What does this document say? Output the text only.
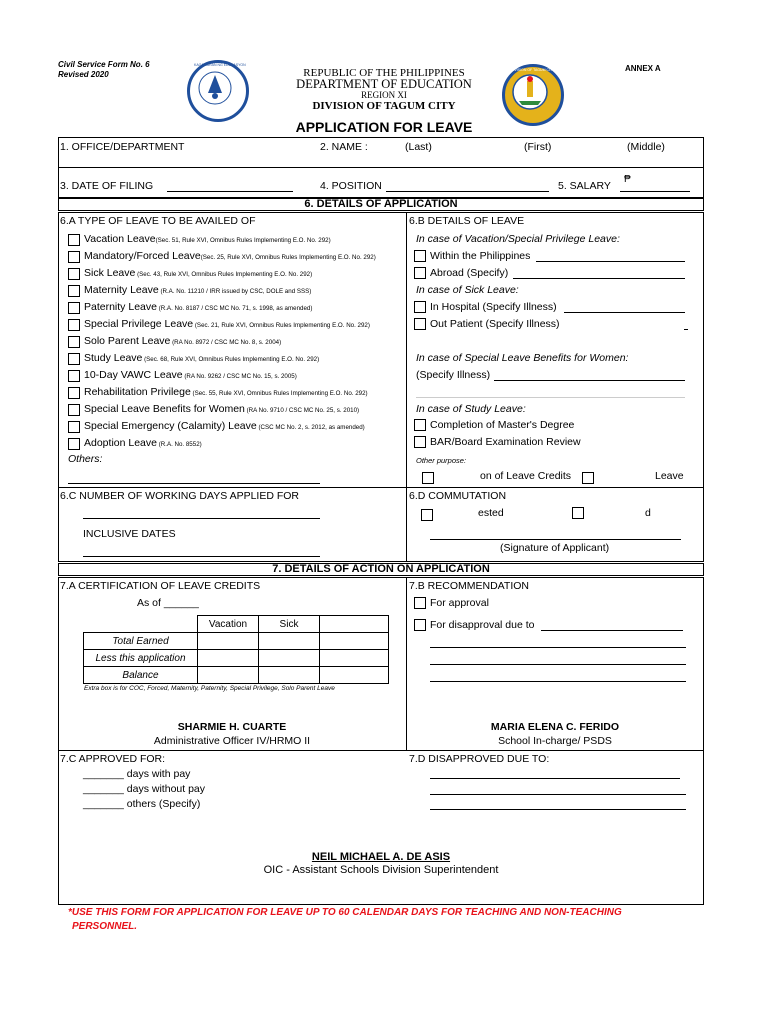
Civil Service Form No. 6
Revised 2020
ANNEX A
KAGAWARAN NG EDUKASYON
REPUBLIC OF THE PHILIPPINES
DEPARTMENT OF EDUCATION
REGION XI
DIVISION OF TAGUM CITY
DIVISION OF TAGUM CITY
APPLICATION FOR LEAVE
1. OFFICE/DEPARTMENT	2. NAME :	(Last)	(First)	(Middle)
3. DATE OF FILING	4. POSITION	5. SALARY
₱
6. DETAILS OF APPLICATION
6.A TYPE OF LEAVE TO BE AVAILED OF	6.B DETAILS OF LEAVE
Vacation Leave(Sec. 51, Rule XVI, Omnibus Rules Implementing E.O. No. 292)
Mandatory/Forced Leave(Sec. 25, Rule XVI, Omnibus Rules Implementing E.O. No. 292)
Sick Leave (Sec. 43, Rule XVI, Omnibus Rules Implementing E.O. No. 292)
Maternity Leave (R.A. No. 11210 / IRR issued by CSC, DOLE and SSS)
Paternity Leave (R.A. No. 8187 / CSC MC No. 71, s. 1998, as amended)
Special Privilege Leave (Sec. 21, Rule XVI, Omnibus Rules Implementing E.O. No. 292)
Solo Parent Leave (RA No. 8972 / CSC MC No. 8, s. 2004)
Study Leave (Sec. 68, Rule XVI, Omnibus Rules Implementing E.O. No. 292)
10-Day VAWC Leave (RA No. 9262 / CSC MC No. 15, s. 2005)
Rehabilitation Privilege (Sec. 55, Rule XVI, Omnibus Rules Implementing E.O. No. 292)
Special Leave Benefits for Women (RA No. 9710 / CSC MC No. 25, s. 2010)
Special Emergency (Calamity) Leave (CSC MC No. 2, s. 2012, as amended)
Adoption Leave (R.A. No. 8552)
Others:
In case of Vacation/Special Privilege Leave:
Within the Philippines
Abroad (Specify)
In case of Sick Leave:
In Hospital (Specify Illness)
Out Patient (Specify Illness)
In case of Special Leave Benefits for Women:
(Specify Illness)
In case of Study Leave:
Completion of Master's Degree
BAR/Board Examination Review
Other purpose:
on of Leave Credits	Leave
6.C NUMBER OF WORKING DAYS APPLIED FOR
INCLUSIVE DATES
6.D COMMUTATION
ested	d
(Signature of Applicant)
7. DETAILS OF ACTION ON APPLICATION
7.A CERTIFICATION OF LEAVE CREDITS
As of ______
	Vacation	Sick	
Total Earned			
Less this application			
Balance			
Extra box is for COC, Forced, Maternity, Paternity, Special Privilege, Solo Parent Leave
SHARMIE H. CUARTE
Administrative Officer IV/HRMO II
7.B RECOMMENDATION
For approval
For disapproval due to
MARIA ELENA C. FERIDO
School In-charge/ PSDS
7.C APPROVED FOR:
_______ days with pay
_______ days without pay
_______ others (Specify)
7.D DISAPPROVED DUE TO:
NEIL MICHAEL A. DE ASIS
OIC - Assistant Schools Division Superintendent
*USE THIS FORM FOR APPLICATION FOR LEAVE UP TO 60 CALENDAR DAYS FOR TEACHING AND NON-TEACHING
PERSONNEL.
